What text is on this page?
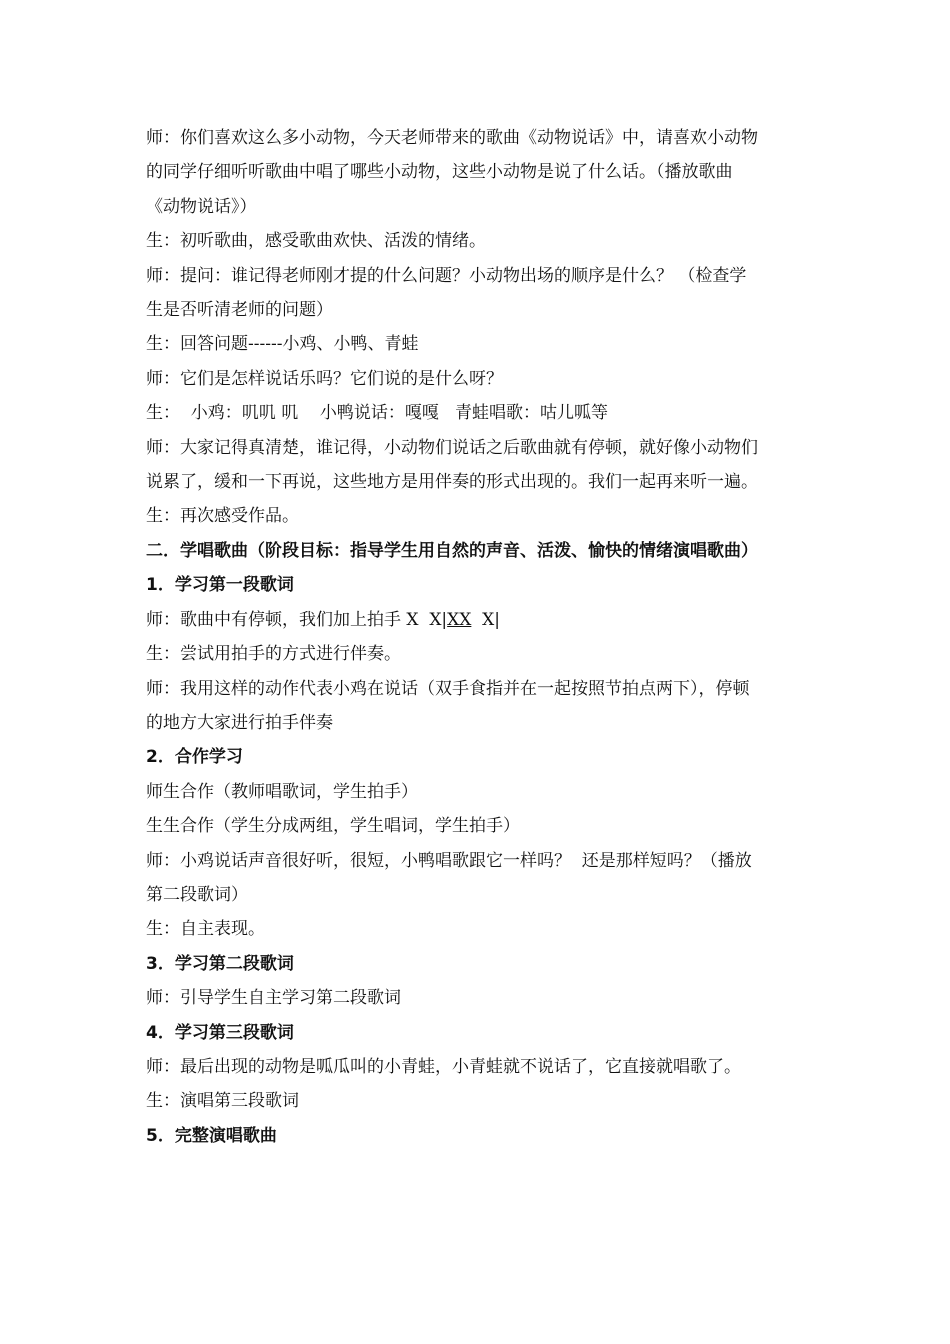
师：你们喜欢这么多小动物，今天老师带来的歌曲《动物说话》中，请喜欢小动物
的同学仔细听听歌曲中唱了哪些小动物，这些小动物是说了什么话。（播放歌曲
《动物说话》）
生：初听歌曲，感受歌曲欢快、活泼的情绪。
师：提问：谁记得老师刚才提的什么问题？小动物出场的顺序是什么？ （检查学
生是否听清老师的问题）
生：回答问题------小鸡、小鸭、青蛙
师：它们是怎样说话乐吗？它们说的是什么呀？
生：  小鸡：叽叽 叽    小鸭说话：嘎嘎   青蛙唱歌：咕儿呱等
师：大家记得真清楚，谁记得，小动物们说话之后歌曲就有停顿，就好像小动物们
说累了，缓和一下再说，这些地方是用伴奏的形式出现的。我们一起再来听一遍。
生：再次感受作品。
二．学唱歌曲（阶段目标：指导学生用自然的声音、活泼、愉快的情绪演唱歌曲）
1．学习第一段歌词
师：歌曲中有停顿，我们加上拍手 X  X|XX  X|
生：尝试用拍手的方式进行伴奏。
师：我用这样的动作代表小鸡在说话（双手食指并在一起按照节拍点两下），停顿
的地方大家进行拍手伴奏
2．合作学习
师生合作（教师唱歌词，学生拍手）
生生合作（学生分成两组，学生唱词，学生拍手）
师：小鸡说话声音很好听，很短，小鸭唱歌跟它一样吗？  还是那样短吗？（播放
第二段歌词）
生：自主表现。
3．学习第二段歌词
师：引导学生自主学习第二段歌词
4．学习第三段歌词
师：最后出现的动物是呱瓜叫的小青蛙，小青蛙就不说话了，它直接就唱歌了。
生：演唱第三段歌词
5．完整演唱歌曲
